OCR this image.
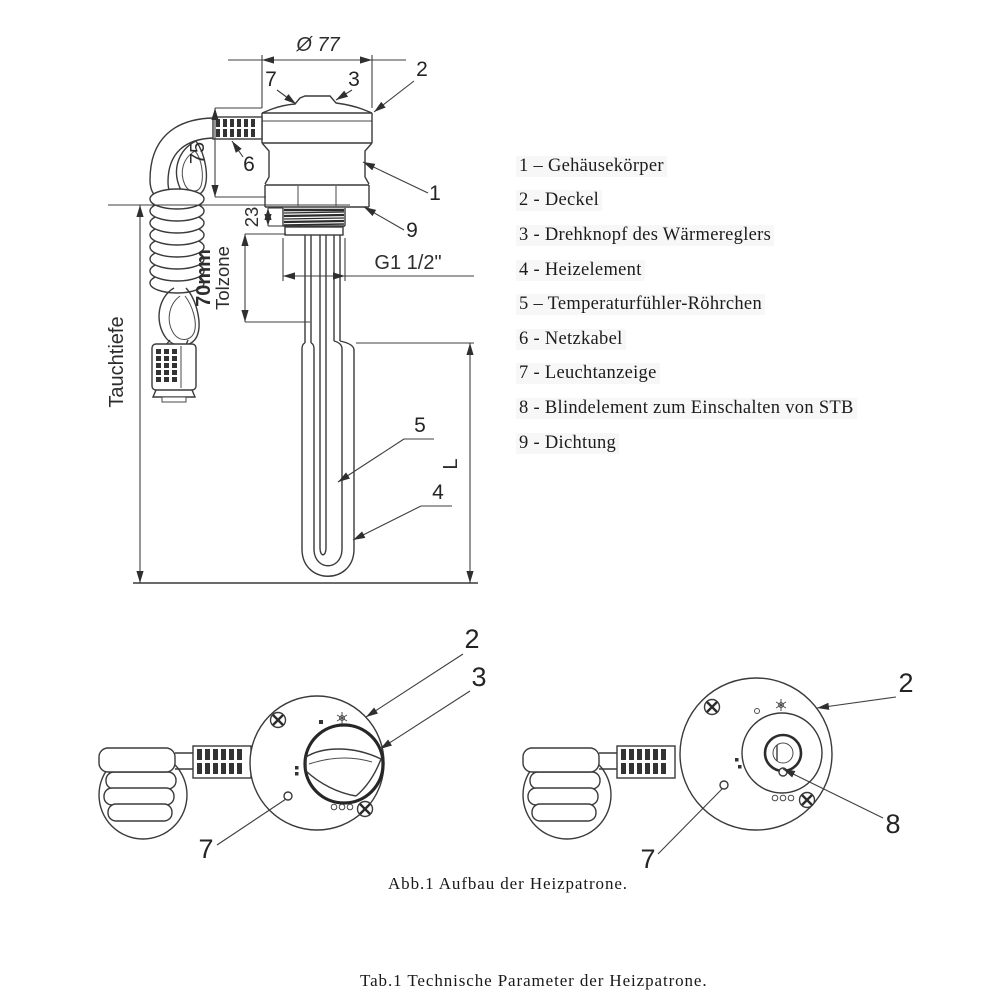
Ø 77
75
23
70mm
Tolzone	G1 1/2"
Tauchtiefe
L
7	3	2
1
9
6
5
4
2
3
7
2
8
7
1 – Gehäusekörper
2 - Deckel
3 - Drehknopf des Wärmereglers
4 - Heizelement
5 – Temperaturfühler-Röhrchen
6 - Netzkabel
7 - Leuchtanzeige
8 - Blindelement zum Einschalten von STB
9 - Dichtung
Abb.1 Aufbau der Heizpatrone.
Tab.1 Technische Parameter der Heizpatrone.
